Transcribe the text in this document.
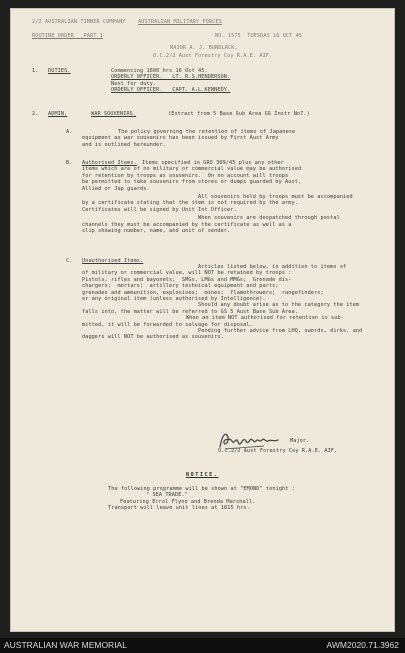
2/2 AUSTRALIAN TIMBER COMPANY AUSTRALIAN MILITARY FORCES
ROUTINE ORDER   PART 1	NO. 1575  TUESDAY 16 OCT 45
MAJOR A. J. BUNDLACK,
O.C.2/2 Aust Forestry Coy R.A.E. AIF.
1. DUTIES.	Commencing 1600 hrs 16 Oct 45.
ORDERLY OFFICER.   LT. R.S.HENDERSON.
Next for duty.
ORDERLY OFFICER.   CAPT. A.L.KENNEDY.
2. ADMIN.	WAR SOUVENIRS.	(Extract from 5 Base Sub Area GS Instr No7.)
A.	The policy governing the retention of items of Japanese
equipment as war souvenirs has been issued by First Aust Army
and is outlined hereunder.
B. Authorised Items.	Items specified in GRO 309/45 plus any other
items which are of no military or commercial value may be authorised
for retention by troops as souvenirs.  On no account will troops
be permitted to take souvenirs from stores or dumps guarded by Aust,
Allied or Jap guards.
All souvenirs held by troops must be accompanied
by a certificate stating that the item is not required by the army.
Certificates will be signed by Unit Int Officer.
When souvenirs are despatched through postal
channels they must be accompanied by the certificate as well as a
slip showing number, name, and unit of sender.
C. Unauthorised Items.
Articles listed below, in addition to items of
of military or commercial value, will NOT be retained by troops :
Pistols, rifles and bayonets;  SMGs, LMGs and MMGs;  Grenade dis-
chargers;  mortars;  artillery technical equipment and parts;
grenades and ammunition, explosives;  mines;  flamethrowers;  rangefinders;
or any original item (unless authorised by Intelligence).
Should any doubt arise as to the category the item
falls into, the matter will be referred to GS 5 Aust Base Sub Area.
When an item NOT authorised for retention is sub-
mitted, it will be forwarded to salvage for disposal.
Pending further advice from LHQ, swords, dirks, and
daggers will NOT be authorised as souvenirs.
Major.
O.C.2/2 Aust Forestry Coy R.A.E. AIF.
NOTICE.
The following programme will be shown at "EMOND" tonight :
" SEA TRADE."
Featuring Errol Flynn and Brenda Marshall.
Transport will leave unit lines at 1815 hrs.
AUSTRALIAN WAR MEMORIAL	AWM2020.71.3962
